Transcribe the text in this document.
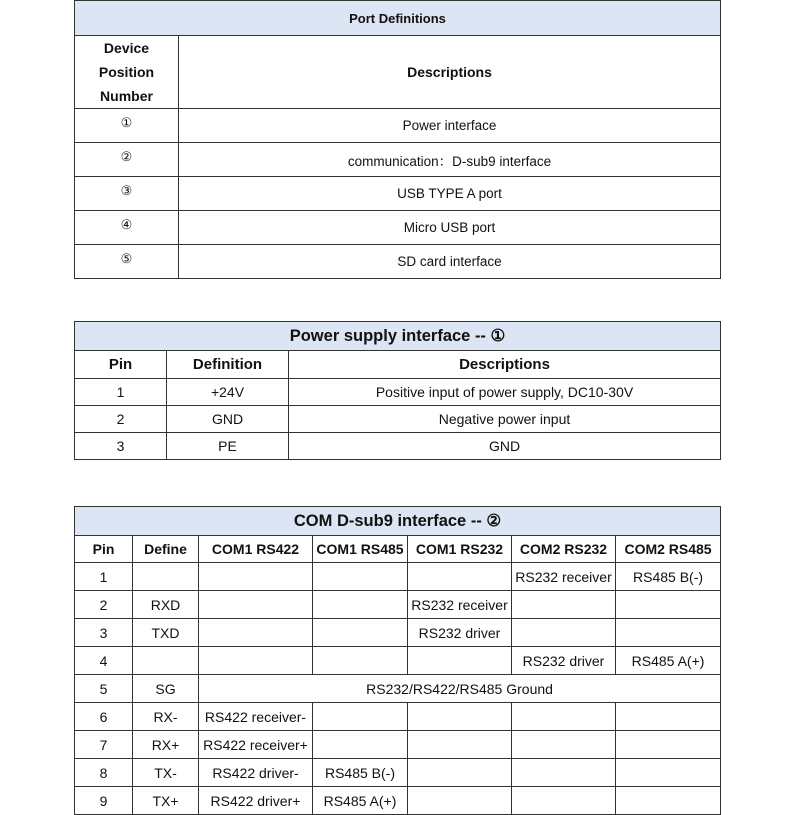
Port Definitions	
Device Position Number	Descriptions
①	Power interface
②	communication：D-sub9 interface
③	USB TYPE A port
④	Micro USB port
⑤	SD card interface
Power supply interface -- ①		
Pin	Definition	Descriptions
1	+24V	Positive input of power supply, DC10-30V
2	GND	Negative power input
3	PE	GND
COM D-sub9 interface -- ②						
Pin	Define	COM1 RS422	COM1 RS485	COM1 RS232	COM2 RS232	COM2 RS485
1					RS232 receiver	RS485 B(-)
2	RXD			RS232 receiver		
3	TXD			RS232 driver		
4					RS232 driver	RS485 A(+)
5	SG	RS232/RS422/RS485 Ground				
6	RX-	RS422 receiver-				
7	RX+	RS422 receiver+				
8	TX-	RS422 driver-	RS485 B(-)			
9	TX+	RS422 driver+	RS485 A(+)			
